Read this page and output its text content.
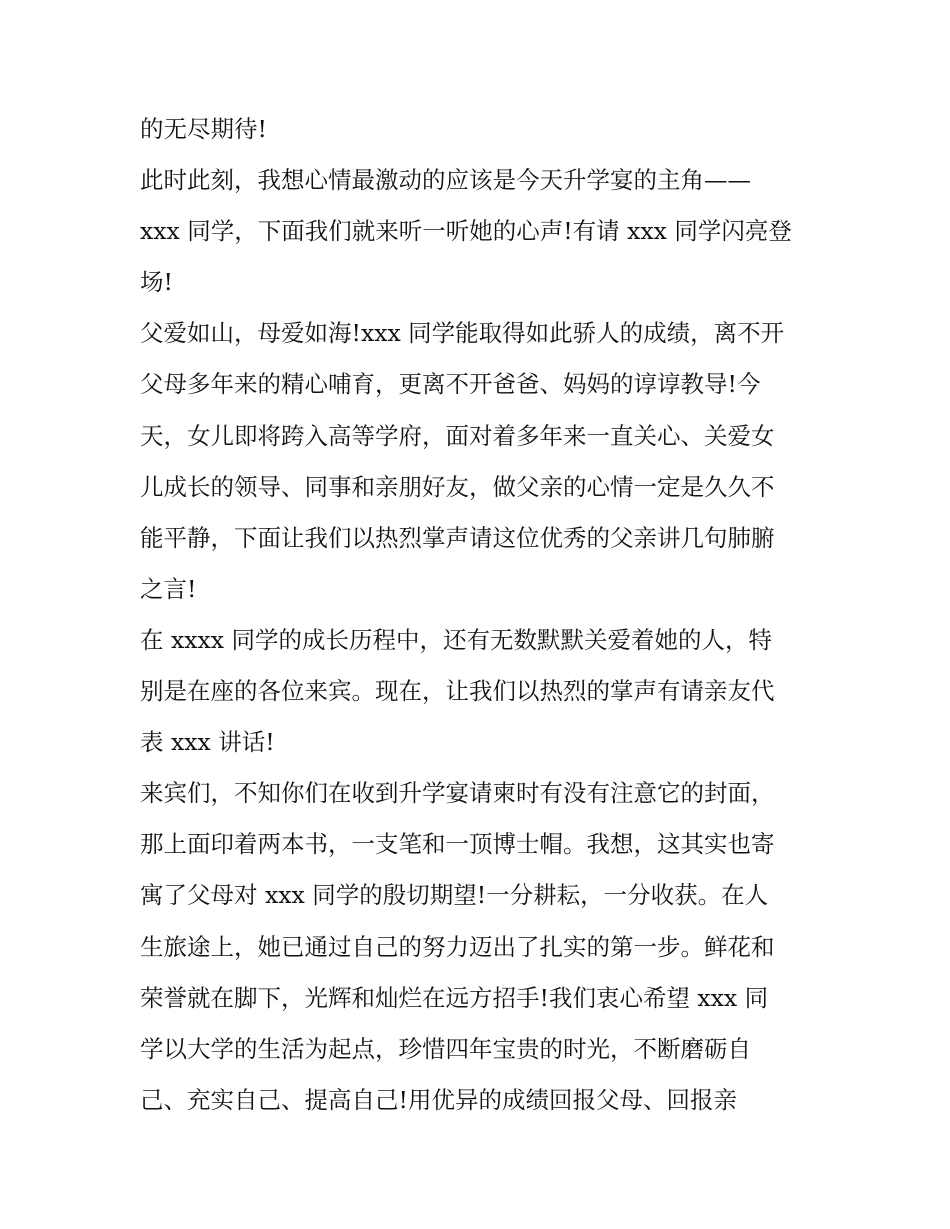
的无尽期待!
此时此刻，我想心情最激动的应该是今天升学宴的主角——
xxx 同学，下面我们就来听一听她的心声!有请 xxx 同学闪亮登
场!
父爱如山，母爱如海!xxx 同学能取得如此骄人的成绩，离不开
父母多年来的精心哺育，更离不开爸爸、妈妈的谆谆教导!今
天，女儿即将跨入高等学府，面对着多年来一直关心、关爱女
儿成长的领导、同事和亲朋好友，做父亲的心情一定是久久不
能平静，下面让我们以热烈掌声请这位优秀的父亲讲几句肺腑
之言!
在 xxxx 同学的成长历程中，还有无数默默关爱着她的人，特
别是在座的各位来宾。现在，让我们以热烈的掌声有请亲友代
表 xxx 讲话!
来宾们，不知你们在收到升学宴请柬时有没有注意它的封面，
那上面印着两本书，一支笔和一顶博士帽。我想，这其实也寄
寓了父母对 xxx 同学的殷切期望!一分耕耘，一分收获。在人
生旅途上，她已通过自己的努力迈出了扎实的第一步。鲜花和
荣誉就在脚下，光辉和灿烂在远方招手!我们衷心希望 xxx 同
学以大学的生活为起点，珍惜四年宝贵的时光，不断磨砺自
己、充实自己、提高自己!用优异的成绩回报父母、回报亲
